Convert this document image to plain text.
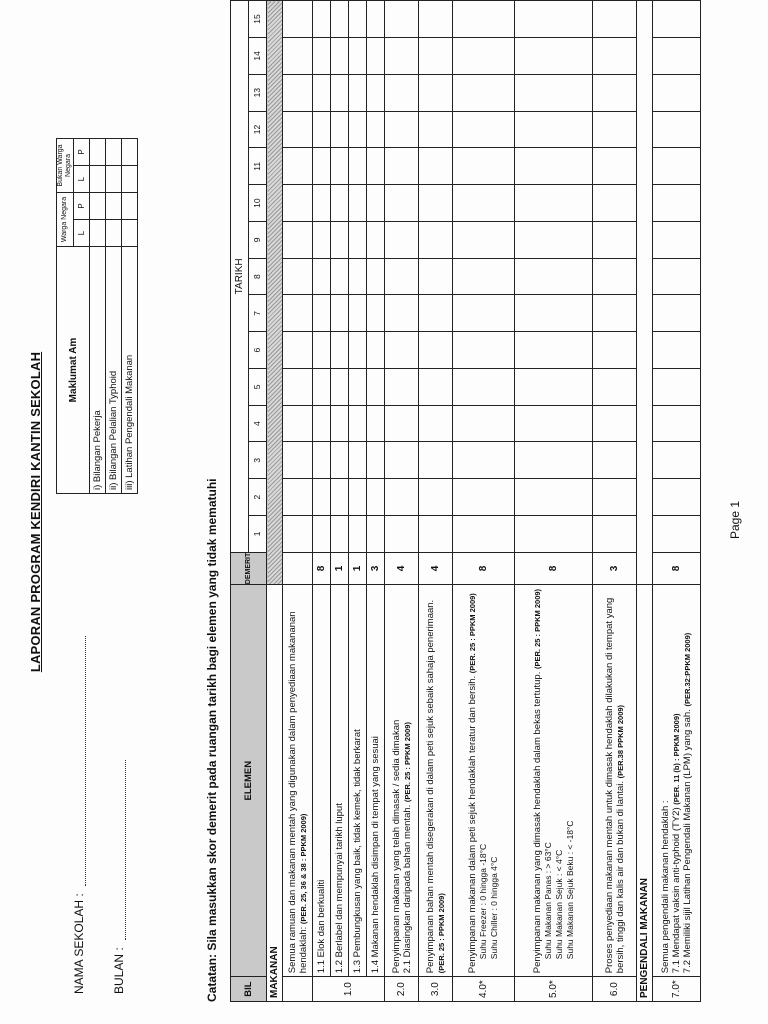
LAPORAN PROGRAM KENDIRI KANTIN SEKOLAH
NAMA SEKOLAH : BULAN :
Maklumat Am	Warga Negara		Bukan Warga Negara	
	L	P	L	P
i) Bilangan Pekerja				
ii) Bilangan Pelalian Typhoid				
iii) Latihan Pengendali Makanan				
Catatan: Sila masukkan skor demerit pada ruangan tarikh bagi elemen yang tidak mematuhi	BIL	ELEMEN	DEMERIT	TARIKH														
			1	2	3	4	5	6	7	8	9	10	11	12	13	14	15
MAKANAN																	
	Semua ramuan dan makanan mentah yang digunakan dalam penyediaan makananan hendaklah: (PER. 25, 36 & 38 : PPKM 2009)																
1.0	1.1 Elok dan berkualiti	8															
	1.2 Berlabel dan mempunyai tarikh luput	1															
	1.3 Pembungkusan yang baik, tidak kemek, tidak berkarat	1															
	1.4 Makanan hendaklah disimpan di tempat yang sesuai	3															
2.0	Penyimpanan makanan yang telah dimasak / sedia dimakan
2.1 Diasingkan daripada bahan mentah. (PER. 25 : PPKM 2009)	4															
3.0	Penyimpanan bahan mentah disegerakan di dalam peti sejuk sebaik sahaja penerimaan. (PER. 25 : PPKM 2009)	4															
4.0*	Penyimpanan makanan dalam peti sejuk hendaklah teratur dan bersih. (PER. 25 : PPKM 2009)
Suhu Freezer : 0 hingga -18°C
Suhu Chiller : 0 hingga 4°C	8															
5.0*	Penyimpanan makanan yang dimasak hendaklah dalam bekas tertutup. (PER. 25 : PPKM 2009)
Suhu Makanan Panas : > 63°C
Suhu Makanan Sejuk : < 4°C
Suhu Makanan Sejuk Beku : < -18°C	8															
6.0	Proses penyediaan makanan mentah untuk dimasak hendaklah dilakukan di tempat yang bersih, tinggi dan kalis air dan bukan di lantai. (PER.38 PPKM 2009)	3															
PENGENDALI MAKANAN																	
7.0*	Semua pengendali makanan hendaklah :
7.1 Mendapat vaksin anti-typhoid (TY2) (PER. 11 (b) : PPKM 2009)
7.2 Memiliki sijil Latihan Pengendali Makanan (LPM) yang sah. (PER.32:PPKM 2009)	8															
Page 1
